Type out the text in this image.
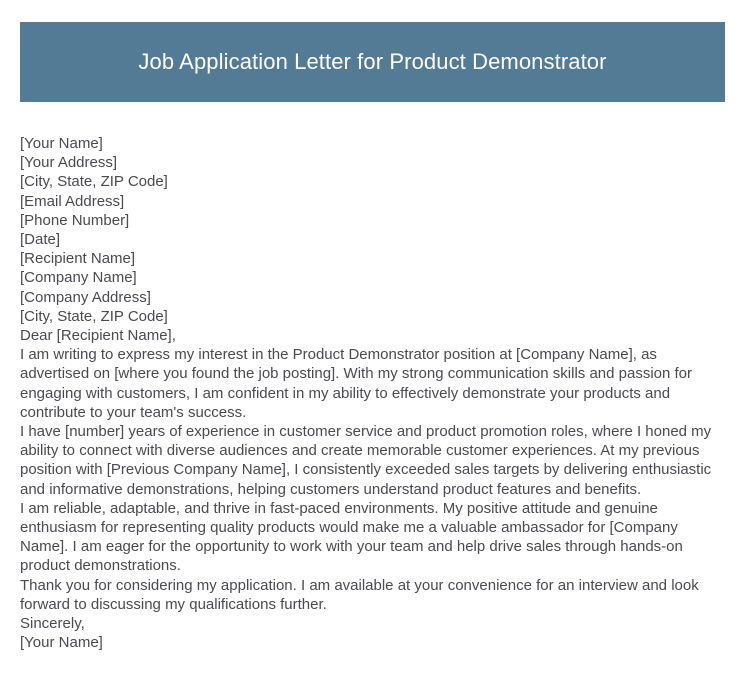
Job Application Letter for Product Demonstrator
[Your Name]
[Your Address]
[City, State, ZIP Code]
[Email Address]
[Phone Number]
[Date]
[Recipient Name]
[Company Name]
[Company Address]
[City, State, ZIP Code]
Dear [Recipient Name],
I am writing to express my interest in the Product Demonstrator position at [Company Name], as advertised on [where you found the job posting]. With my strong communication skills and passion for engaging with customers, I am confident in my ability to effectively demonstrate your products and contribute to your team's success.
I have [number] years of experience in customer service and product promotion roles, where I honed my ability to connect with diverse audiences and create memorable customer experiences. At my previous position with [Previous Company Name], I consistently exceeded sales targets by delivering enthusiastic and informative demonstrations, helping customers understand product features and benefits.
I am reliable, adaptable, and thrive in fast-paced environments. My positive attitude and genuine enthusiasm for representing quality products would make me a valuable ambassador for [Company Name]. I am eager for the opportunity to work with your team and help drive sales through hands-on product demonstrations.
Thank you for considering my application. I am available at your convenience for an interview and look forward to discussing my qualifications further.
Sincerely,
[Your Name]
